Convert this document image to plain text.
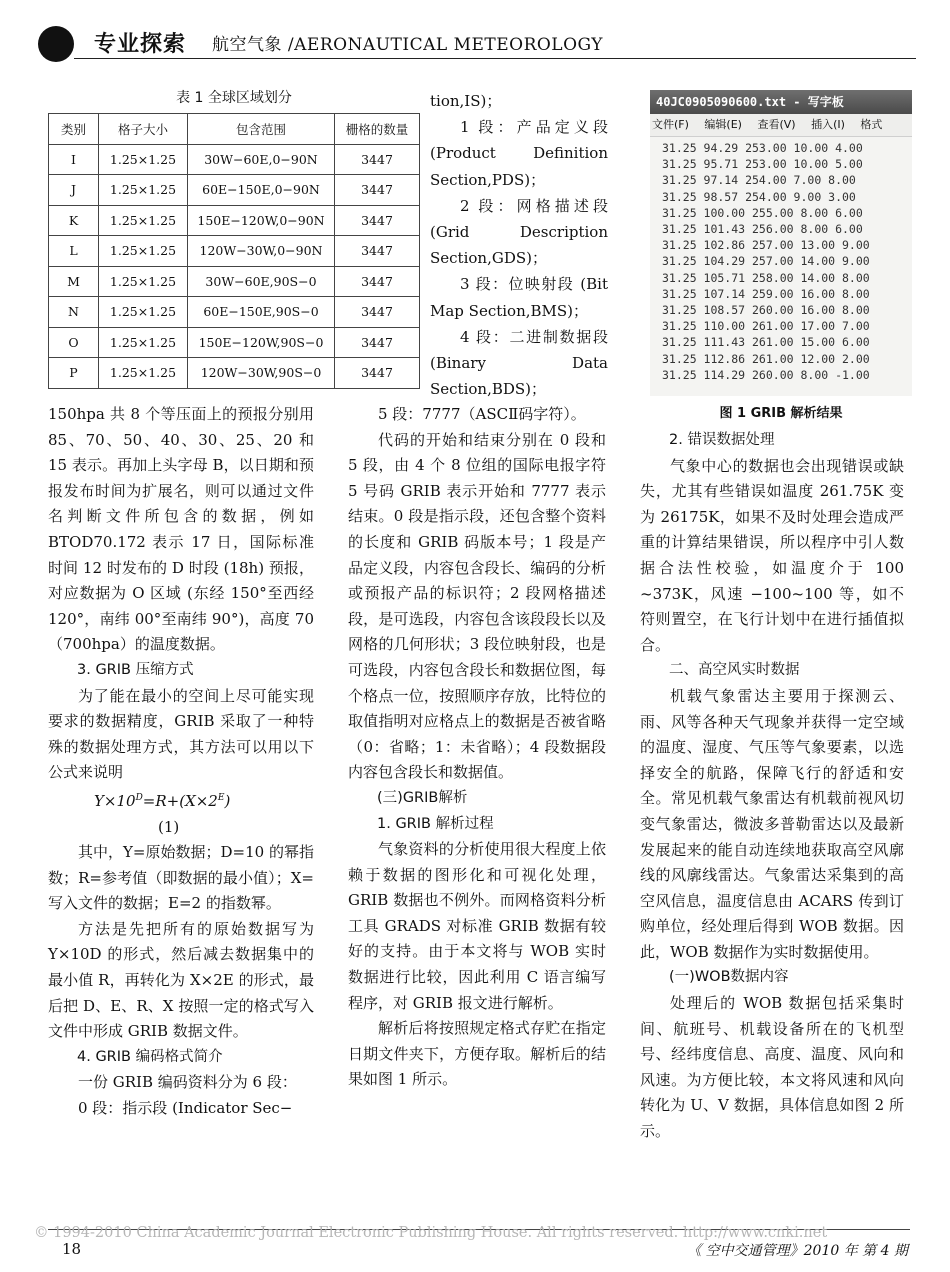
专业探索 航空气象 /AERONAUTICAL METEOROLOGY
表 1 全球区域划分
类别	格子大小	包含范围	栅格的数量
I	1.25×1.25	30W−60E,0−90N	3447
J	1.25×1.25	60E−150E,0−90N	3447
K	1.25×1.25	150E−120W,0−90N	3447
L	1.25×1.25	120W−30W,0−90N	3447
M	1.25×1.25	30W−60E,90S−0	3447
N	1.25×1.25	60E−150E,90S−0	3447
O	1.25×1.25	150E−120W,90S−0	3447
P	1.25×1.25	120W−30W,90S−0	3447

tion,IS)；

1 段：产品定义段 (Product Definition Section,PDS)；

2 段：网格描述段 (Grid Description Section,GDS)；

3 段：位映射段 (Bit Map Section,BMS)；

4 段：二进制数据段 (Binary Data Section,BDS)；

40JC0905090600.txt - 写字板
文件(F) 编辑(E) 查看(V) 插入(I) 格式
31.25 94.29 253.00 10.00 4.00
31.25 95.71 253.00 10.00 5.00
31.25 97.14 254.00 7.00 8.00
31.25 98.57 254.00 9.00 3.00
31.25 100.00 255.00 8.00 6.00
31.25 101.43 256.00 8.00 6.00
31.25 102.86 257.00 13.00 9.00
31.25 104.29 257.00 14.00 9.00
31.25 105.71 258.00 14.00 8.00
31.25 107.14 259.00 16.00 8.00
31.25 108.57 260.00 16.00 8.00
31.25 110.00 261.00 17.00 7.00
31.25 111.43 261.00 15.00 6.00
31.25 112.86 261.00 12.00 2.00
31.25 114.29 260.00 8.00 -1.00
图 1 GRIB 解析结果

150hpa 共 8 个等压面上的预报分别用 85、70、50、40、30、25、20 和 15 表示。再加上头字母 B，以日期和预报发布时间为扩展名，则可以通过文件名判断文件所包含的数据，例如 BTOD70.172 表示 17 日，国际标准时间 12 时发布的 D 时段 (18h) 预报，对应数据为 O 区域 (东经 150°至西经 120°，南纬 00°至南纬 90°)，高度 70（700hpa）的温度数据。

3. GRIB 压缩方式

为了能在最小的空间上尽可能实现要求的数据精度，GRIB 采取了一种特殊的数据处理方式，其方法可以用以下公式来说明

$Y\times 10^D=R+(X\times 2^E)(1)$

其中，Y=原始数据；D=10 的幂指数；R=参考值（即数据的最小值）；X=写入文件的数据；E=2 的指数幂。

方法是先把所有的原始数据写为 Y×10D 的形式，然后减去数据集中的最小值 R，再转化为 X×2E 的形式，最后把 D、E、R、X 按照一定的格式写入文件中形成 GRIB 数据文件。

4. GRIB 编码格式简介

一份 GRIB 编码资料分为 6 段：

0 段：指示段 (Indicator Sec−

5 段：7777（ASCⅡ码字符）。

代码的开始和结束分别在 0 段和 5 段，由 4 个 8 位组的国际电报字符 5 号码 GRIB 表示开始和 7777 表示结束。0 段是指示段，还包含整个资料的长度和 GRIB 码版本号；1 段是产品定义段，内容包含段长、编码的分析或预报产品的标识符；2 段网格描述段，是可选段，内容包含该段段长以及网格的几何形状；3 段位映射段，也是可选段，内容包含段长和数据位图，每个格点一位，按照顺序存放，比特位的取值指明对应格点上的数据是否被省略（0：省略；1：未省略）；4 段数据段内容包含段长和数据值。

(三)GRIB解析

1. GRIB 解析过程

气象资料的分析使用很大程度上依赖于数据的图形化和可视化处理，GRIB 数据也不例外。而网格资料分析工具 GRADS 对标准 GRIB 数据有较好的支持。由于本文将与 WOB 实时数据进行比较，因此利用 C 语言编写程序，对 GRIB 报文进行解析。

解析后将按照规定格式存贮在指定日期文件夹下，方便存取。解析后的结果如图 1 所示。

2. 错误数据处理

气象中心的数据也会出现错误或缺失，尤其有些错误如温度 261.75K 变为 26175K，如果不及时处理会造成严重的计算结果错误，所以程序中引人数据合法性校验，如温度介于 100 ~373K，风速 −100~100 等，如不符则置空，在飞行计划中在进行插值拟合。

二、高空风实时数据

机载气象雷达主要用于探测云、雨、风等各种天气现象并获得一定空域的温度、湿度、气压等气象要素，以选择安全的航路，保障飞行的舒适和安全。常见机载气象雷达有机载前视风切变气象雷达，微波多普勒雷达以及最新发展起来的能自动连续地获取高空风廓线的风廓线雷达。气象雷达采集到的高空风信息，温度信息由 ACARS 传到订购单位，经处理后得到 WOB 数据。因此，WOB 数据作为实时数据使用。

(一)WOB数据内容

处理后的 WOB 数据包括采集时间、航班号、机载设备所在的飞机型号、经纬度信息、高度、温度、风向和风速。为方便比较，本文将风速和风向转化为 U、V 数据，具体信息如图 2 所示。

© 1994-2010 China Academic Journal Electronic Publishing House. All rights reserved. http://www.cnki.net
18	《 空中交通管理》2010 年 第 4 期
